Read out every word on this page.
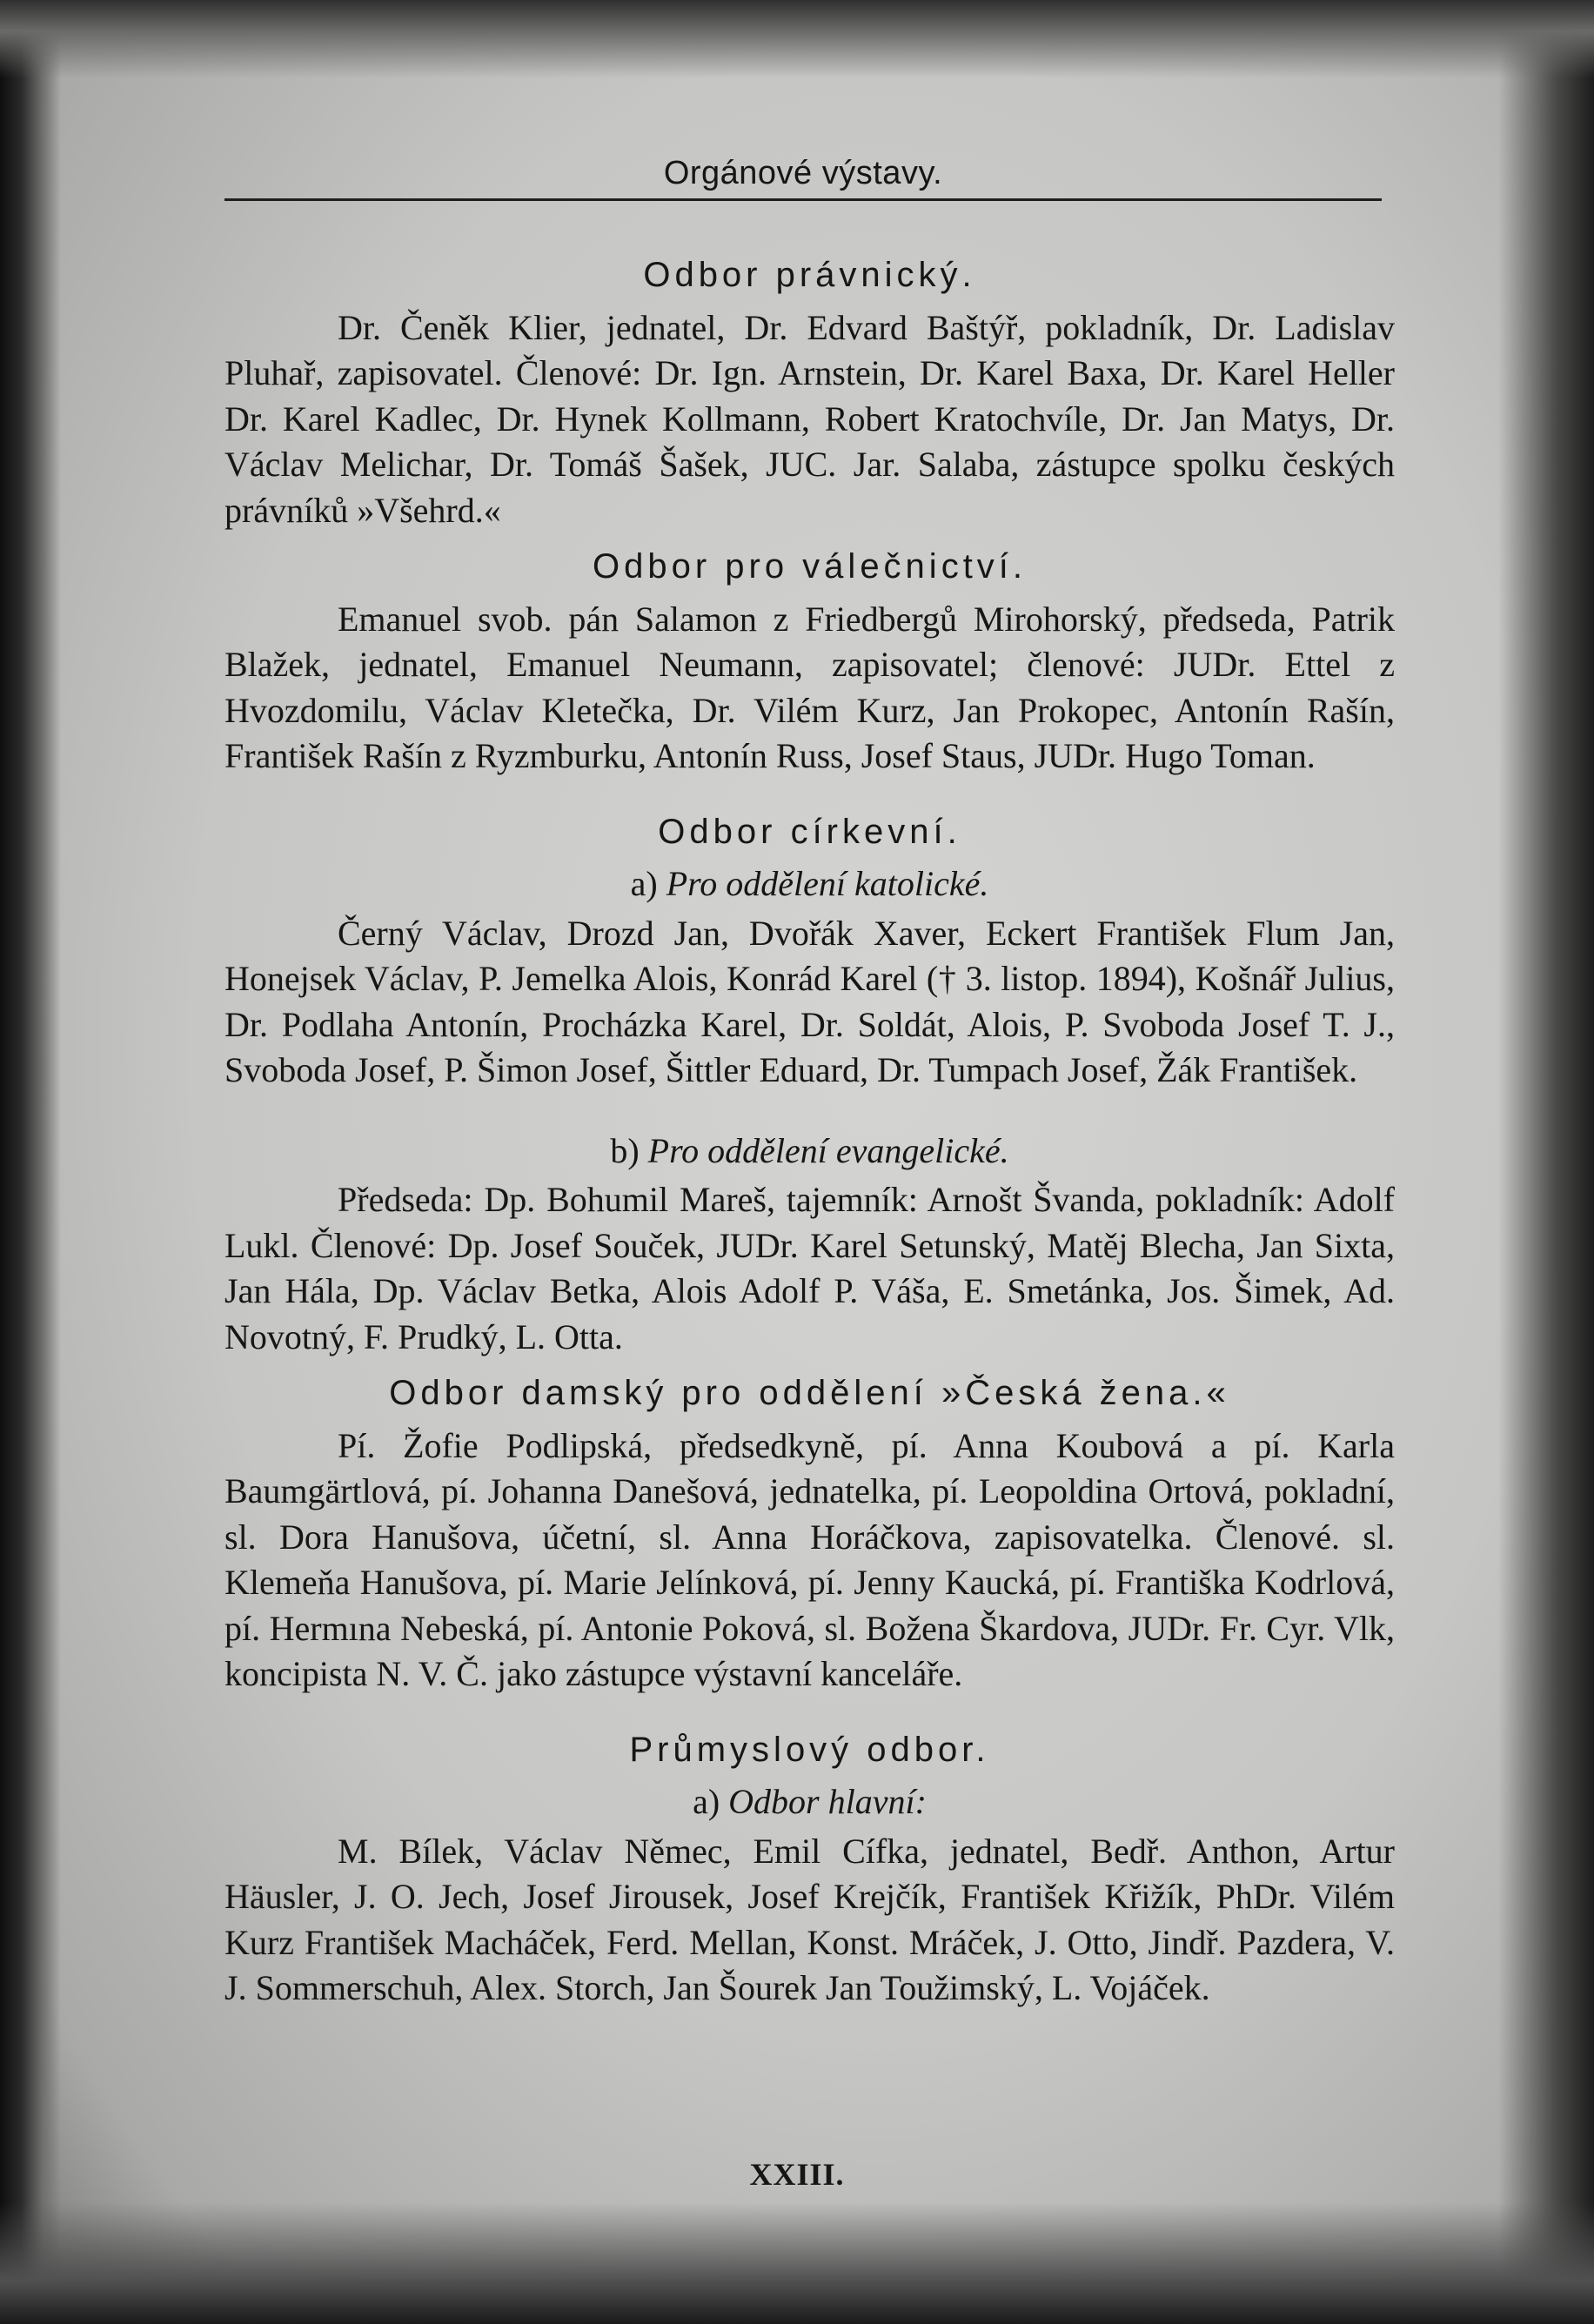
Orgánové výstavy.
Odbor právnický.

Dr. Čeněk Klier, jednatel, Dr. Edvard Baštýř, pokladník, Dr. Ladislav Pluhař, zapisovatel. Členové: Dr. Ign. Arnstein, Dr. Karel Baxa, Dr. Karel Heller Dr. Karel Kadlec, Dr. Hynek Kollmann, Robert Kratochvíle, Dr. Jan Matys, Dr. Václav Melichar, Dr. Tomáš Šašek, JUC. Jar. Salaba, zástupce spolku českých právníků »Všehrd.«

Odbor pro válečnictví.

Emanuel svob. pán Salamon z Friedbergů Mirohorský, předseda, Patrik Blažek, jednatel, Emanuel Neumann, zapisovatel; členové: JUDr. Ettel z Hvozdomilu, Václav Kletečka, Dr. Vilém Kurz, Jan Prokopec, Antonín Rašín, František Rašín z Ryzmburku, Antonín Russ, Josef Staus, JUDr. Hugo Toman.

Odbor církevní.
a) Pro oddělení katolické.

Černý Václav, Drozd Jan, Dvořák Xaver, Eckert František Flum Jan, Honejsek Václav, P. Jemelka Alois, Konrád Karel († 3. listop. 1894), Košnář Julius, Dr. Podlaha Antonín, Procházka Karel, Dr. Soldát, Alois, P. Svoboda Josef T. J., Svoboda Josef, P. Šimon Josef, Šittler Eduard, Dr. Tumpach Josef, Žák František.

b) Pro oddělení evangelické.

Předseda: Dp. Bohumil Mareš, tajemník: Arnošt Švanda, pokladník: Adolf Lukl. Členové: Dp. Josef Souček, JUDr. Karel Setunský, Matěj Blecha, Jan Sixta, Jan Hála, Dp. Václav Betka, Alois Adolf P. Váša, E. Smetánka, Jos. Šimek, Ad. Novotný, F. Prudký, L. Otta.

Odbor damský pro oddělení »Česká žena.«

Pí. Žofie Podlipská, předsedkyně, pí. Anna Koubová a pí. Karla Baumgärtlová, pí. Johanna Danešová, jednatelka, pí. Leopoldina Ortová, pokladní, sl. Dora Hanušova, účetní, sl. Anna Horáčkova, zapisovatelka. Členové. sl. Klemeňa Hanušova, pí. Marie Jelínková, pí. Jenny Kaucká, pí. Františka Kodrlová, pí. Hermına Nebeská, pí. Antonie Poková, sl. Božena Škardova, JUDr. Fr. Cyr. Vlk, koncipista N. V. Č. jako zástupce výstavní kanceláře.

Průmyslový odbor.
a) Odbor hlavní:

M. Bílek, Václav Němec, Emil Cífka, jednatel, Bedř. Anthon, Artur Häusler, J. O. Jech, Josef Jirousek, Josef Krejčík, František Křižík, PhDr. Vilém Kurz František Macháček, Ferd. Mellan, Konst. Mráček, J. Otto, Jindř. Pazdera, V. J. Sommerschuh, Alex. Storch, Jan Šourek Jan Toužimský, L. Vojáček.

XXIII.
